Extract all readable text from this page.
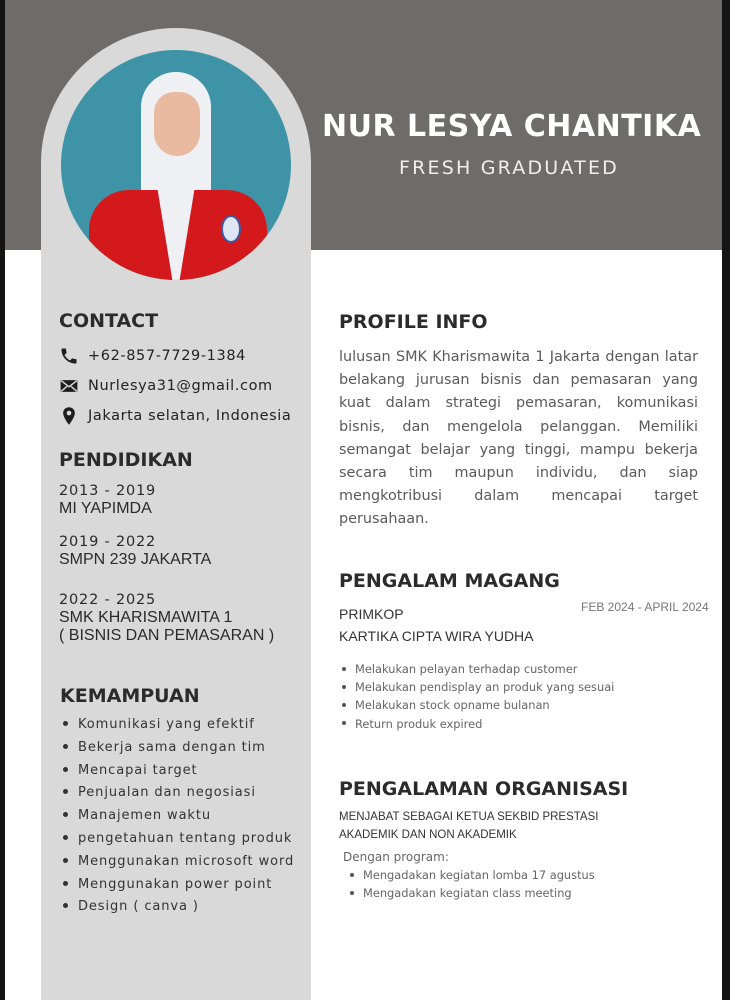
NUR LESYA CHANTIKA
FRESH GRADUATED
CONTACT
+62-857-7729-1384
Nurlesya31@gmail.com
Jakarta selatan, Indonesia
PENDIDIKAN
2013 - 2019
MI YAPIMDA
2019 - 2022
SMPN 239 JAKARTA
2022 - 2025
SMK KHARISMAWITA 1
( BISNIS DAN PEMASARAN )
KEMAMPUAN
Komunikasi yang efektif
Bekerja sama dengan tim
Mencapai target
Penjualan dan negosiasi
Manajemen waktu
pengetahuan tentang produk
Menggunakan microsoft word
Menggunakan power point
Design ( canva )
PROFILE INFO
lulusan SMK Kharismawita 1 Jakarta dengan latar belakang jurusan bisnis dan pemasaran yang kuat dalam strategi pemasaran, komunikasi bisnis, dan mengelola pelanggan. Memiliki semangat belajar yang tinggi, mampu bekerja secara tim maupun individu, dan siap mengkotribusi dalam mencapai target perusahaan.
PENGALAM MAGANG
PRIMKOP
KARTIKA CIPTA WIRA YUDHA
FEB 2024 - APRIL 2024
Melakukan pelayan terhadap customer
Melakukan pendisplay an produk yang sesuai
Melakukan stock opname bulanan
Return produk expired
PENGALAMAN ORGANISASI
MENJABAT SEBAGAI KETUA SEKBID PRESTASI
AKADEMIK DAN NON AKADEMIK
Dengan program:
Mengadakan kegiatan lomba 17 agustus
Mengadakan kegiatan class meeting
